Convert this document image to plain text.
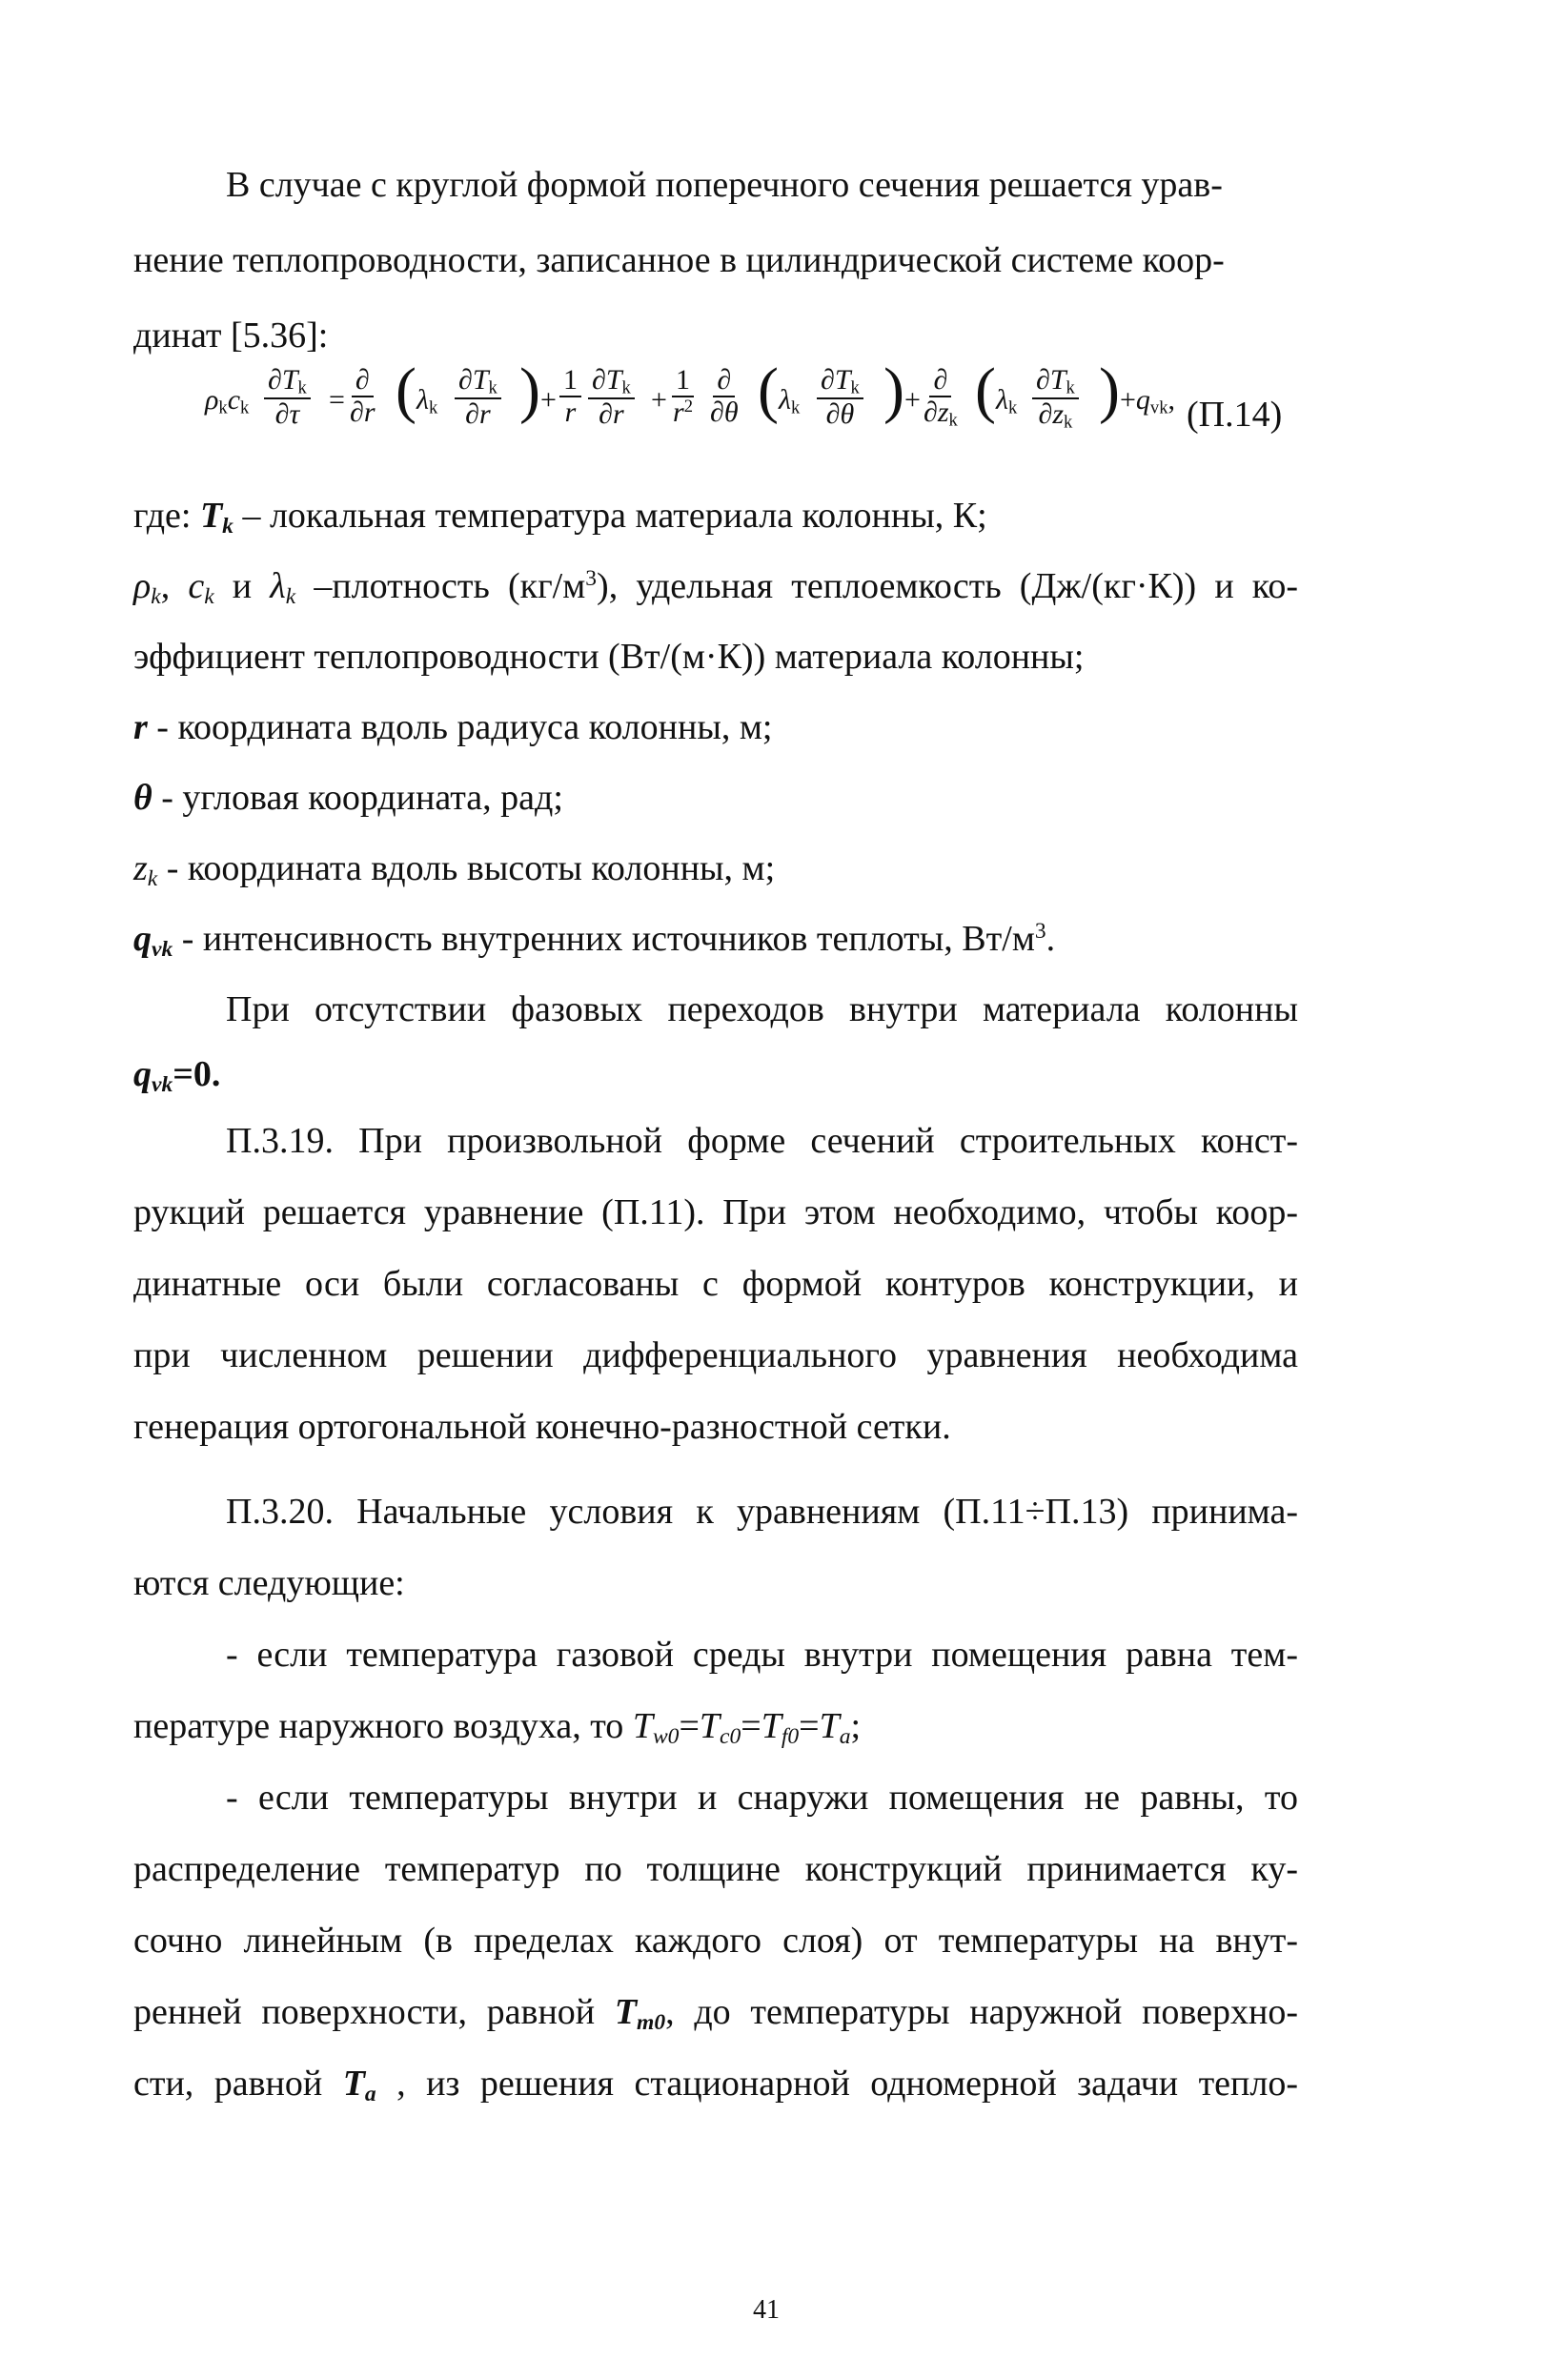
В случае с круглой формой поперечного сечения решается урав-

нение теплопроводности, записанное в цилиндрической системе коор-

динат [5.36]:

$\rho_kc_k \frac{\partial T_k}{\partial\tau}$ =
∂
∂r ( $\lambda_k \frac{\partial T_k}{\partial r}$ ) + $\frac{1}{r} \frac{\partial T_k}{\partial r} + \frac{1}{r^2}$ ∂
∂θ ( $\lambda_k \frac{\partial T_k}{\partial\theta}$ ) +
∂
$\partial z_k$ ( $\lambda_k \frac{\partial T_k}{\partial z_k}$ ) $+q_{vk}$, (П.14)

где: $T_k$ – локальная температура материала колонны, К;

$\rho_k$, $c_k$ и $\lambda_k$ –плотность $(кг/м^3)$, удельная теплоемкость (Дж/(кг·К)) и ко-

эффициент теплопроводности (Вт/(м·К)) материала колонны;

r - координата вдоль радиуса колонны, м;

θ - угловая координата, рад;

$z_k$ - координата вдоль высоты колонны, м;

$q_{vk}$ - интенсивность внутренних источников теплоты, $Вт/м^3$.

При отсутствии фазовых переходов внутри материала колонны

$q_{vk}=0$.

П.3.19. При произвольной форме сечений строительных конст-

рукций решается уравнение (П.11). При этом необходимо, чтобы коор-

динатные оси были согласованы с формой контуров конструкции, и

при численном решении дифференциального уравнения необходима

генерация ортогональной конечно-разностной сетки.

П.3.20. Начальные условия к уравнениям (П.11÷П.13) принима-

ются следующие:

- если температура газовой среды внутри помещения равна тем-

пературе наружного воздуха, то $T_{w0}=T_{c0}=T_{f0}=T_a$;

- если температуры внутри и снаружи помещения не равны, то

распределение температур по толщине конструкций принимается ку-

сочно линейным (в пределах каждого слоя) от температуры на внут-

ренней поверхности, равной $T_{m0}$, до температуры наружной поверхно-

сти, равной $T_a$ , из решения стационарной одномерной задачи тепло-

41
